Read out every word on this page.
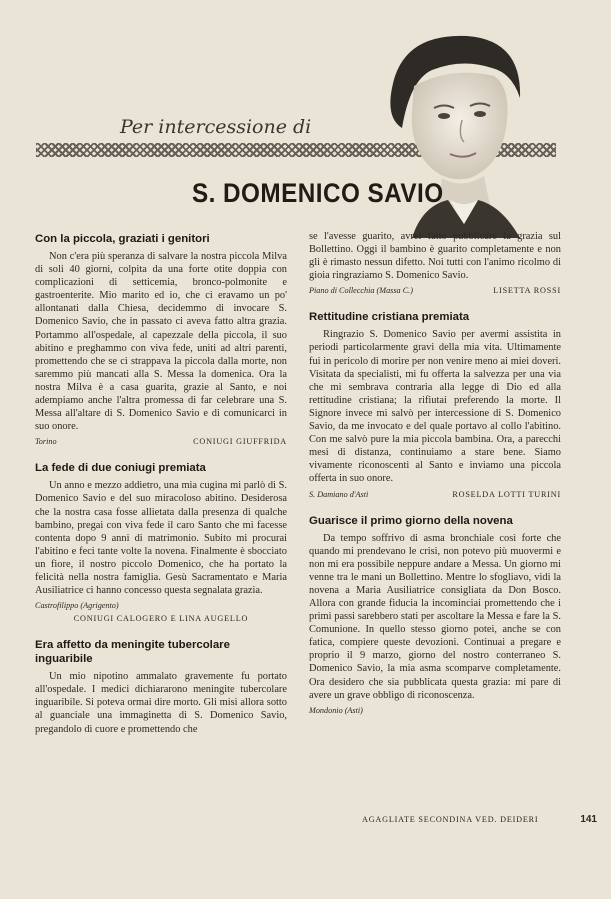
Per intercessione di
S. DOMENICO SAVIO
Con la piccola, graziati i genitori

Non c'era più speranza di salvare la nostra piccola Milva di soli 40 giorni, colpita da una forte otite doppia con complicazioni di setticemia, bronco-polmonite e gastroenterite. Mio marito ed io, che ci eravamo un po' allontanati dalla Chiesa, decidemmo di invocare S. Domenico Savio, che in passato ci aveva fatto altra grazia. Portammo all'ospedale, al capezzale della piccola, il suo abitino e preghammo con viva fede, uniti ad altri parenti, promettendo che se ci strappava la piccola dalla morte, non saremmo più mancati alla S. Messa la domenica. Ora la nostra Milva è a casa guarita, grazie al Santo, e noi adempiamo anche l'altra promessa di far celebrare una S. Messa all'altare di S. Domenico Savio e di comunicarci in suo onore.

Torino	CONIUGI GIUFFRIDA
La fede di due coniugi premiata

Un anno e mezzo addietro, una mia cugina mi parlò di S. Domenico Savio e del suo miracoloso abitino. Desiderosa che la nostra casa fosse allietata dalla presenza di qualche bambino, pregai con viva fede il caro Santo che mi facesse contenta dopo 9 anni di matrimonio. Subito mi procurai l'abitino e feci tante volte la novena. Finalmente è sbocciato un fiore, il nostro piccolo Domenico, che ha portato la felicità nella nostra famiglia. Gesù Sacramentato e Maria Ausiliatrice ci hanno concesso questa segnalata grazia.

Castrofilippo (Agrigento)
CONIUGI CALOGERO E LINA AUGELLO
Era affetto da meningite tubercolare inguaribile

Un mio nipotino ammalato gravemente fu portato all'ospedale. I medici dichiararono meningite tubercolare inguaribile. Si poteva ormai dire morto. Gli misi allora sotto al guanciale una immaginetta di S. Domenico Savio, pregandolo di cuore e promettendo che

se l'avesse guarito, avrei fatto pubblicare la grazia sul Bollettino. Oggi il bambino è guarito completamente e non gli è rimasto nessun difetto. Noi tutti con l'animo ricolmo di gioia ringraziamo S. Domenico Savio.

Piano di Collecchia (Massa C.)	LISETTA ROSSI
Rettitudine cristiana premiata

Ringrazio S. Domenico Savio per avermi assistita in periodi particolarmente gravi della mia vita. Ultimamente fui in pericolo di morire per non venire meno ai miei doveri. Visitata da specialisti, mi fu offerta la salvezza per una via che mi sembrava contraria alla legge di Dio ed alla rettitudine cristiana; la rifiutai preferendo la morte. Il Signore invece mi salvò per intercessione di S. Domenico Savio, da me invocato e del quale portavo al collo l'abitino. Con me salvò pure la mia piccola bambina. Ora, a parecchi mesi di distanza, continuiamo a stare bene. Siamo vivamente riconoscenti al Santo e inviamo una piccola offerta in suo onore.

S. Damiano d'Asti	ROSELDA LOTTI TURINI
Guarisce il primo giorno della novena

Da tempo soffrivo di asma bronchiale così forte che quando mi prendevano le crisi, non potevo più muovermi e non mi era possibile neppure andare a Messa. Un giorno mi venne tra le mani un Bollettino. Mentre lo sfogliavo, vidi la novena a Maria Ausiliatrice consigliata da Don Bosco. Allora con grande fiducia la incominciai promettendo che i primi passi sarebbero stati per ascoltare la Messa e fare la S. Comunione. In quello stesso giorno potei, anche se con fatica, compiere queste devozioni. Continuai a pregare e proprio il 9 marzo, giorno del nostro conterraneo S. Domenico Savio, la mia asma scomparve completamente. Ora desidero che sia pubblicata questa grazia: mi pare di avere un grave obbligo di riconoscenza.

Mondonio (Asti)
AGAGLIATE SECONDINA VED. DEIDERI	141
